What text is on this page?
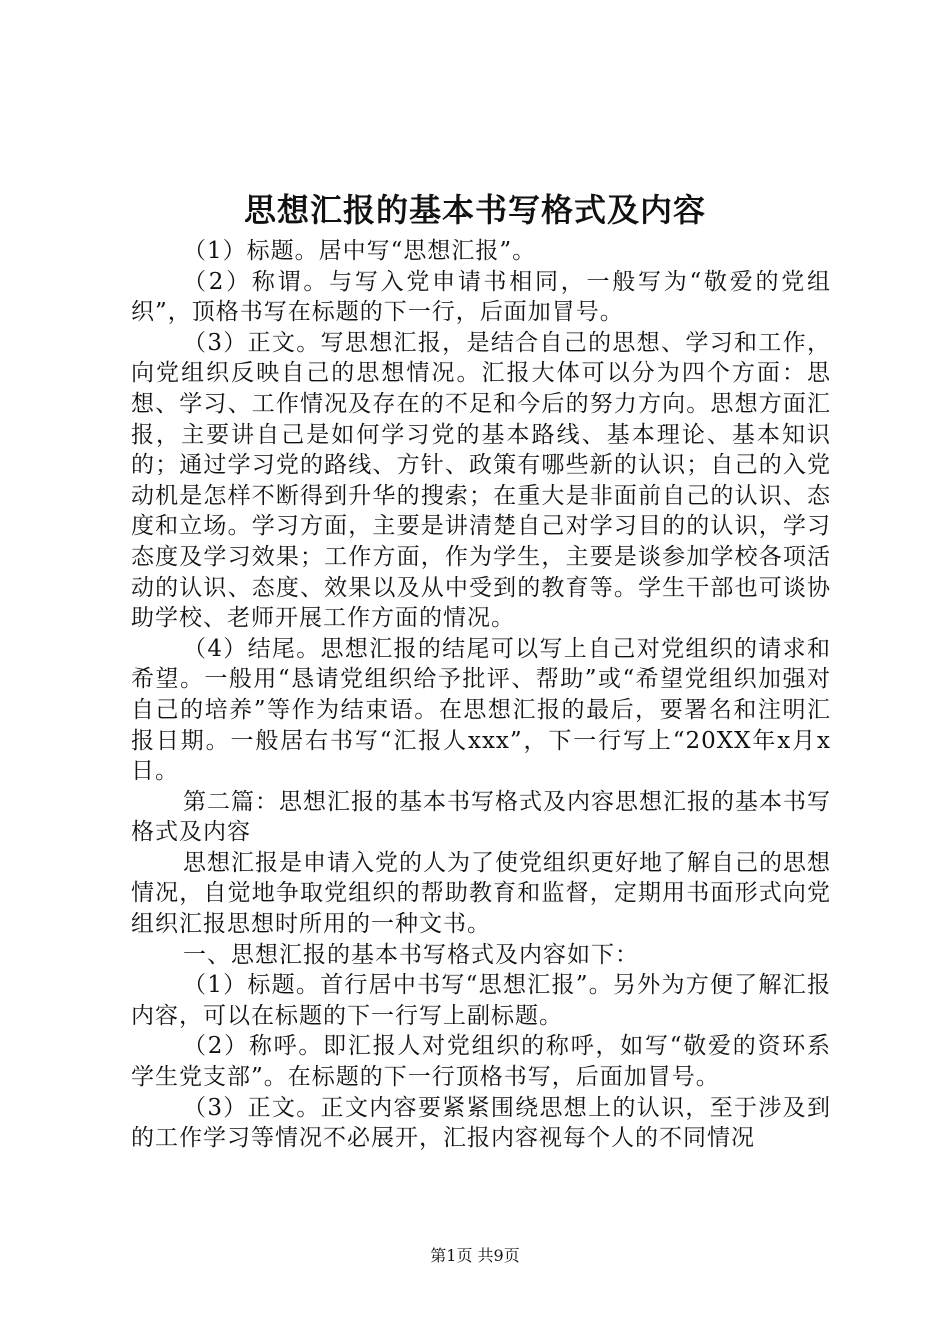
思想汇报的基本书写格式及内容

（1）标题。居中写“思想汇报”。

（2）称谓。与写入党申请书相同，一般写为“敬爱的党组织”，顶格书写在标题的下一行，后面加冒号。

（3）正文。写思想汇报，是结合自己的思想、学习和工作，向党组织反映自己的思想情况。汇报大体可以分为四个方面：思想、学习、工作情况及存在的不足和今后的努力方向。思想方面汇报，主要讲自己是如何学习党的基本路线、基本理论、基本知识的；通过学习党的路线、方针、政策有哪些新的认识；自己的入党动机是怎样不断得到升华的搜索；在重大是非面前自己的认识、态度和立场。学习方面，主要是讲清楚自己对学习目的的认识，学习态度及学习效果；工作方面，作为学生，主要是谈参加学校各项活动的认识、态度、效果以及从中受到的教育等。学生干部也可谈协助学校、老师开展工作方面的情况。

（4）结尾。思想汇报的结尾可以写上自己对党组织的请求和希望。一般用“恳请党组织给予批评、帮助”或“希望党组织加强对自己的培养”等作为结束语。在思想汇报的最后，要署名和注明汇报日期。一般居右书写“汇报人xxx”，下一行写上“20XX年x月x日。

第二篇：思想汇报的基本书写格式及内容思想汇报的基本书写格式及内容

思想汇报是申请入党的人为了使党组织更好地了解自己的思想情况，自觉地争取党组织的帮助教育和监督，定期用书面形式向党组织汇报思想时所用的一种文书。

一、思想汇报的基本书写格式及内容如下：

（1）标题。首行居中书写“思想汇报”。另外为方便了解汇报内容，可以在标题的下一行写上副标题。

（2）称呼。即汇报人对党组织的称呼，如写“敬爱的资环系学生党支部”。在标题的下一行顶格书写，后面加冒号。

（3）正文。正文内容要紧紧围绕思想上的认识，至于涉及到的工作学习等情况不必展开，汇报内容视每个人的不同情况

第1页 共9页
